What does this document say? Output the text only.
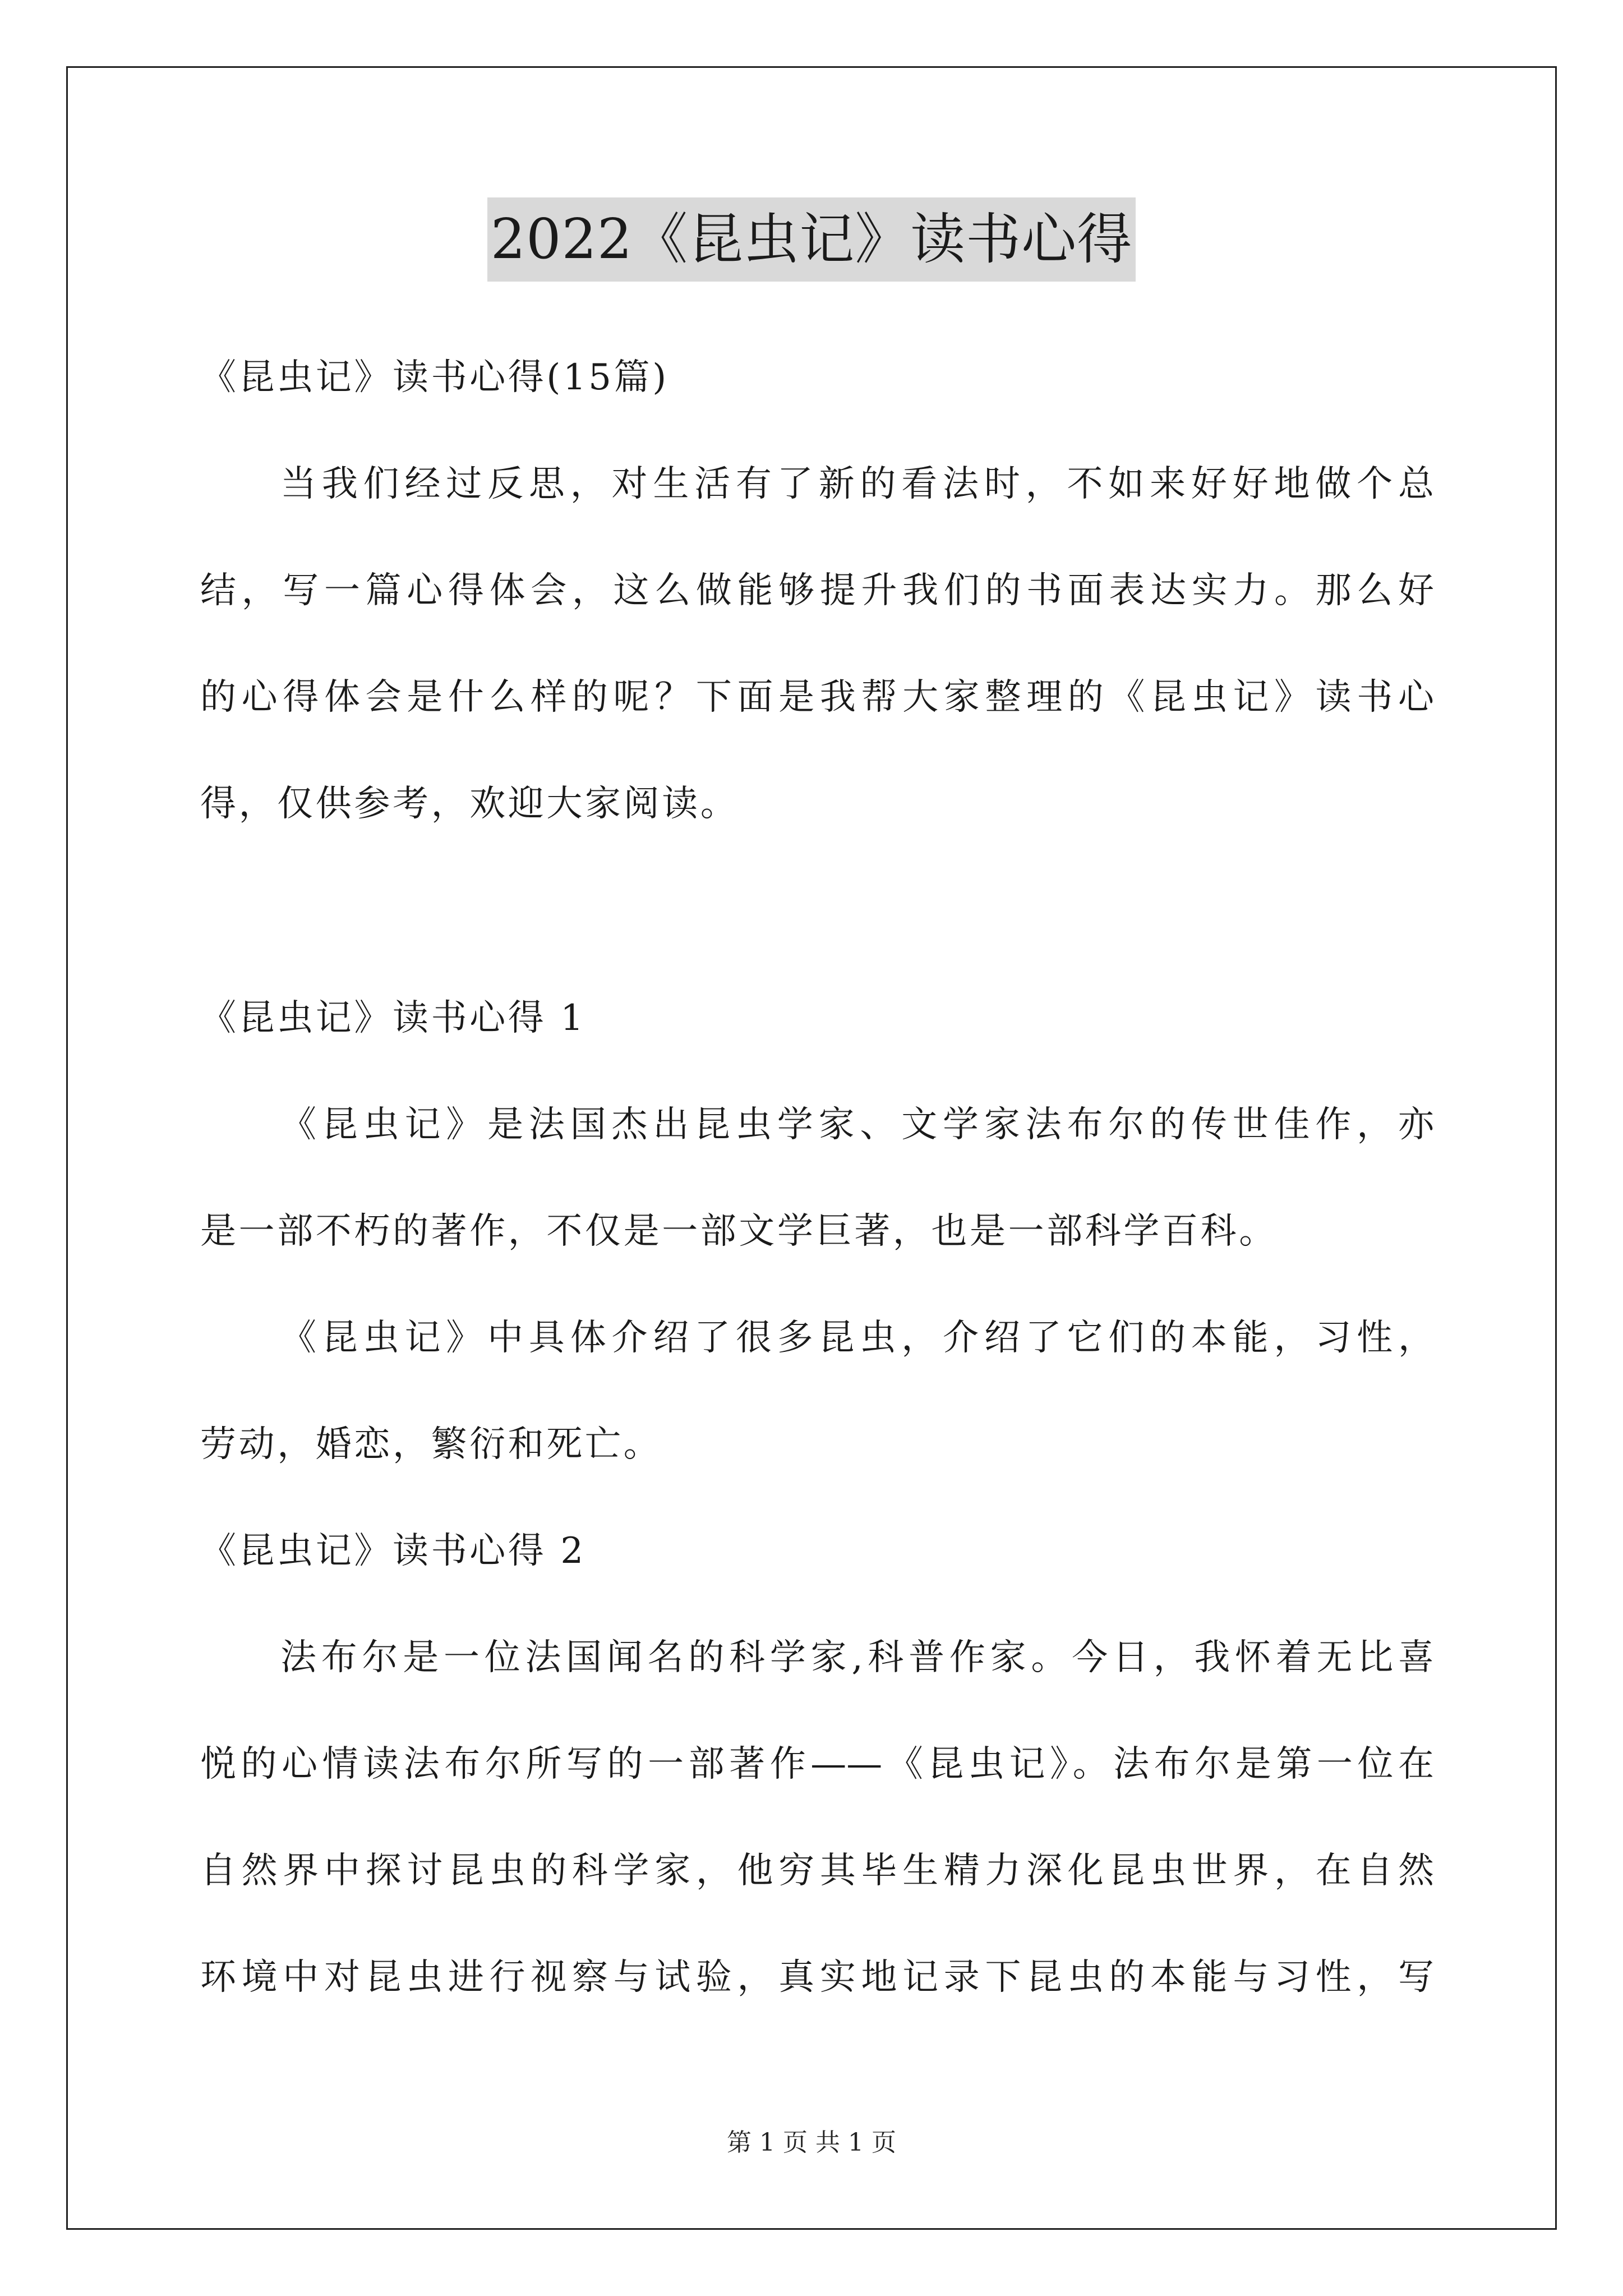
2022《昆虫记》读书心得
《昆虫记》读书心得(15篇)
当我们经过反思，对生活有了新的看法时，不如来好好地做个总
结，写一篇心得体会，这么做能够提升我们的书面表达实力。那么好
的心得体会是什么样的呢？下面是我帮大家整理的《昆虫记》读书心
得，仅供参考，欢迎大家阅读。
《昆虫记》读书心得 1
《昆虫记》是法国杰出昆虫学家、文学家法布尔的传世佳作，亦
是一部不朽的著作，不仅是一部文学巨著，也是一部科学百科。
《昆虫记》中具体介绍了很多昆虫，介绍了它们的本能，习性，
劳动，婚恋，繁衍和死亡。
《昆虫记》读书心得 2
法布尔是一位法国闻名的科学家,科普作家。今日，我怀着无比喜
悦的心情读法布尔所写的一部著作——《昆虫记》。法布尔是第一位在
自然界中探讨昆虫的科学家，他穷其毕生精力深化昆虫世界，在自然
环境中对昆虫进行视察与试验，真实地记录下昆虫的本能与习性，写
第 1 页 共 1 页
